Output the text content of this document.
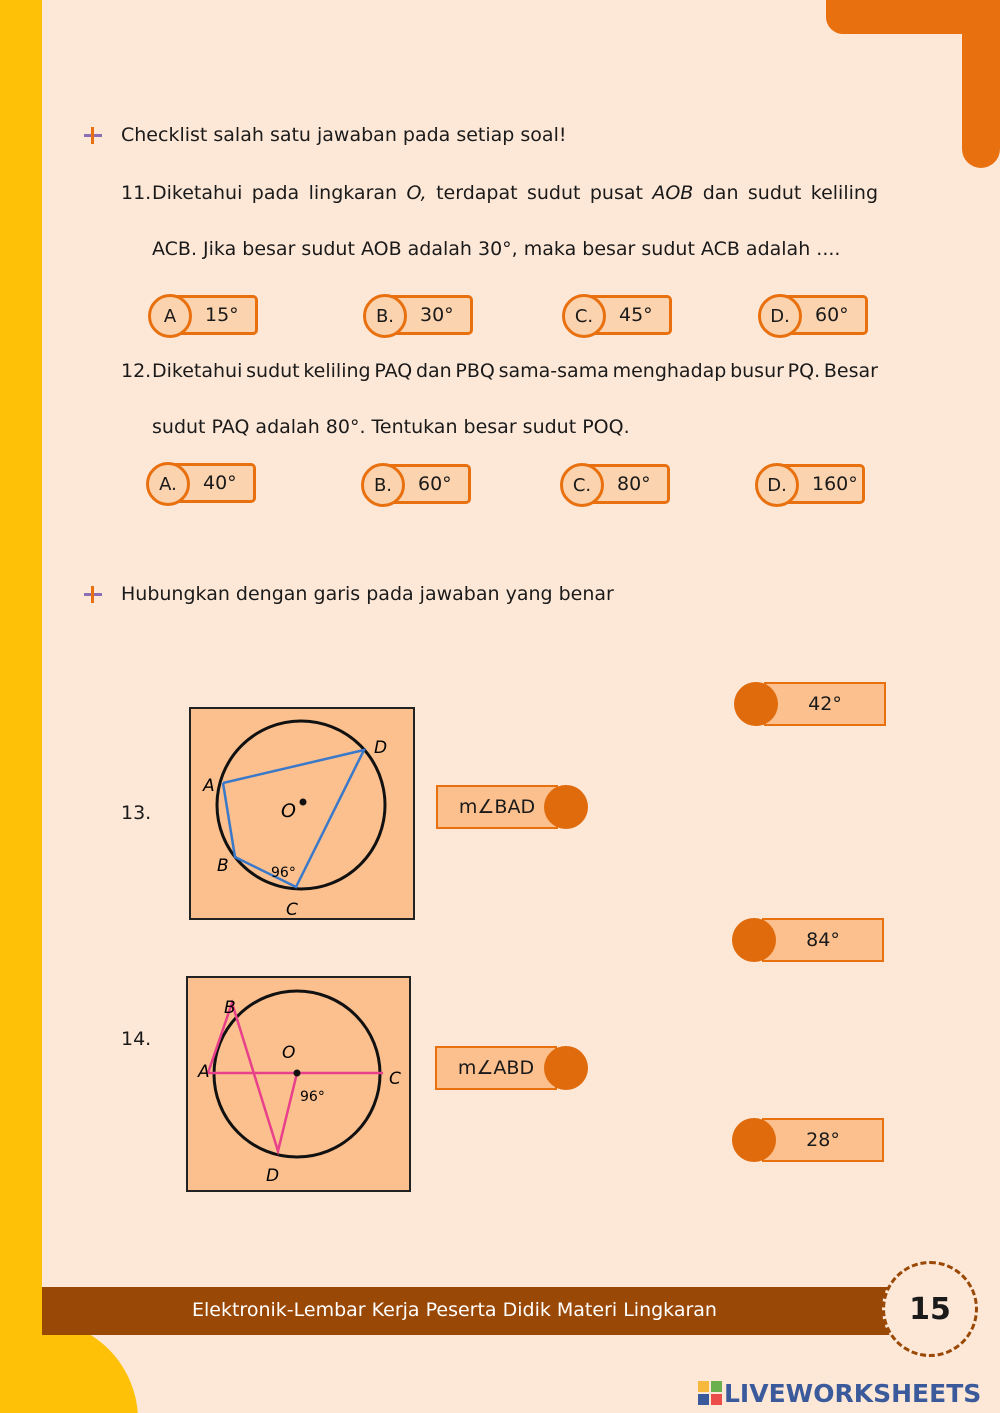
Checklist salah satu jawaban pada setiap soal!
11. Diketahui pada lingkaran O, terdapat sudut pusat AOB dan sudut keliling
ACB. Jika besar sudut AOB adalah 30°, maka besar sudut ACB adalah ....
15°
A	30°
B.	45°
C.	60°
D.
12. Diketahui sudut keliling PAQ dan PBQ sama-sama menghadap busur PQ. Besar
sudut PAQ adalah 80°. Tentukan besar sudut POQ.
40°
A.	60°
B.	80°
C.	160°
D.
Hubungkan dengan garis pada jawaban yang benar
13.
A
D
O
B	96°
C
m∠BAD
14.
B
O
A	C
96°
D
m∠ABD
42°
84°
28°
Elektronik-Lembar Kerja Peserta Didik Materi Lingkaran	15
LIVEWORKSHEETS
